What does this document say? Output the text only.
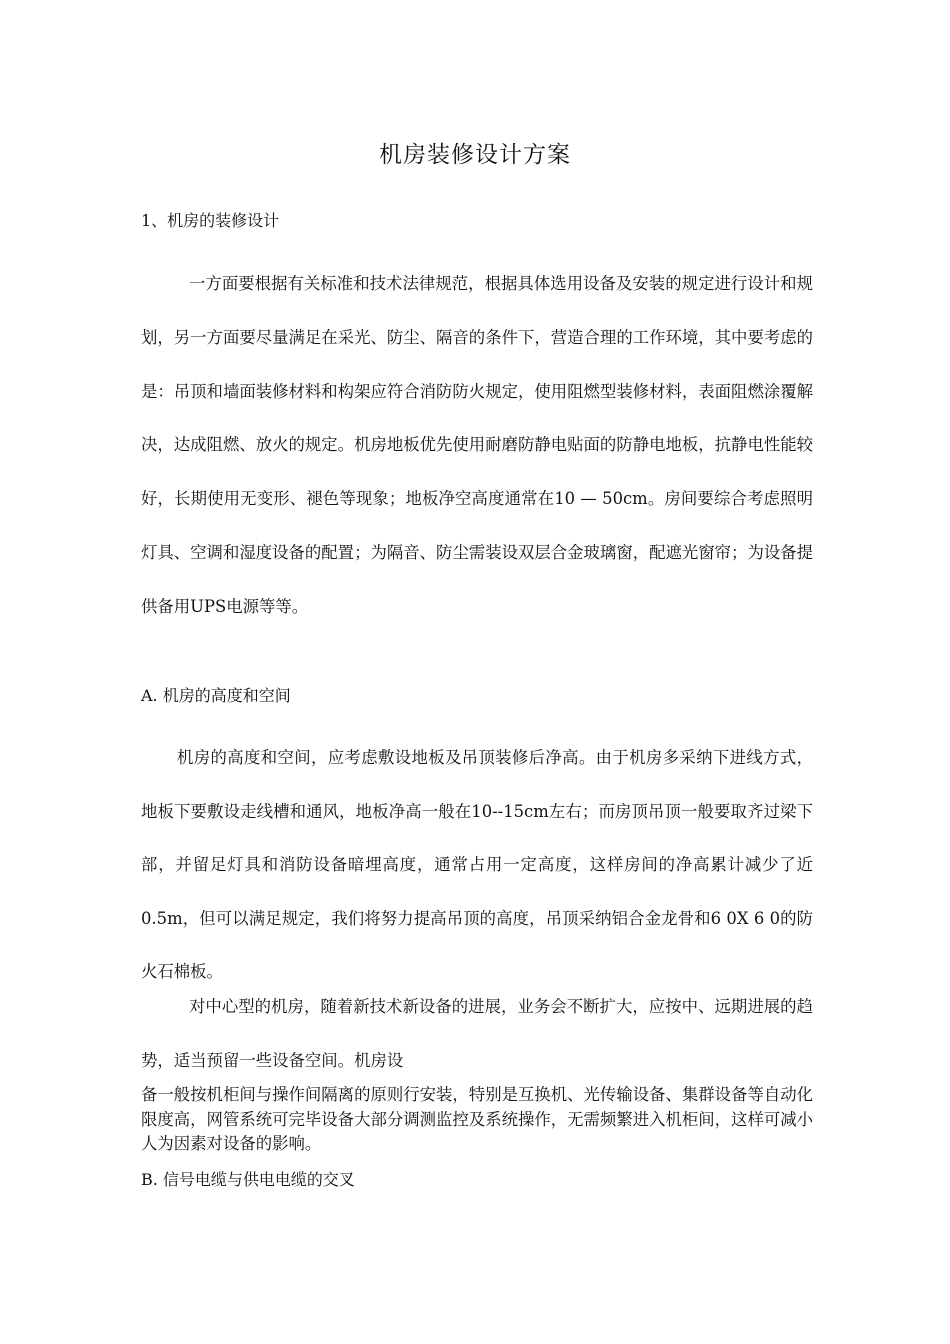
机房装修设计方案
1、机房的装修设计
一方面要根据有关标准和技术法律规范，根据具体选用设备及安装的规定进行设计和规划，另一方面要尽量满足在采光、防尘、隔音的条件下，营造合理的工作环境，其中要考虑的是：吊顶和墙面装修材料和构架应符合消防防火规定，使用阻燃型装修材料，表面阻燃涂覆解决，达成阻燃、放火的规定。机房地板优先使用耐磨防静电贴面的防静电地板，抗静电性能较好，长期使用无变形、褪色等现象；地板净空高度通常在10 — 50cm。房间要综合考虑照明灯具、空调和湿度设备的配置；为隔音、防尘需装设双层合金玻璃窗，配遮光窗帘；为设备提供备用UPS电源等等。
A. 机房的高度和空间
机房的高度和空间，应考虑敷设地板及吊顶装修后净高。由于机房多采纳下进线方式，地板下要敷设走线槽和通风，地板净高一般在10--15cm左右；而房顶吊顶一般要取齐过梁下部，并留足灯具和消防设备暗埋高度，通常占用一定高度，这样房间的净高累计减少了近0.5m，但可以满足规定，我们将努力提高吊顶的高度，吊顶采纳铝合金龙骨和6 0X 6 0的防火石棉板。
对中心型的机房，随着新技术新设备的进展，业务会不断扩大，应按中、远期进展的趋势，适当预留一些设备空间。机房设
备一般按机柜间与操作间隔离的原则行安装，特别是互换机、光传输设备、集群设备等自动化限度高，网管系统可完毕设备大部分调测监控及系统操作，无需频繁进入机柜间，这样可减小人为因素对设备的影响。
B. 信号电缆与供电电缆的交叉
